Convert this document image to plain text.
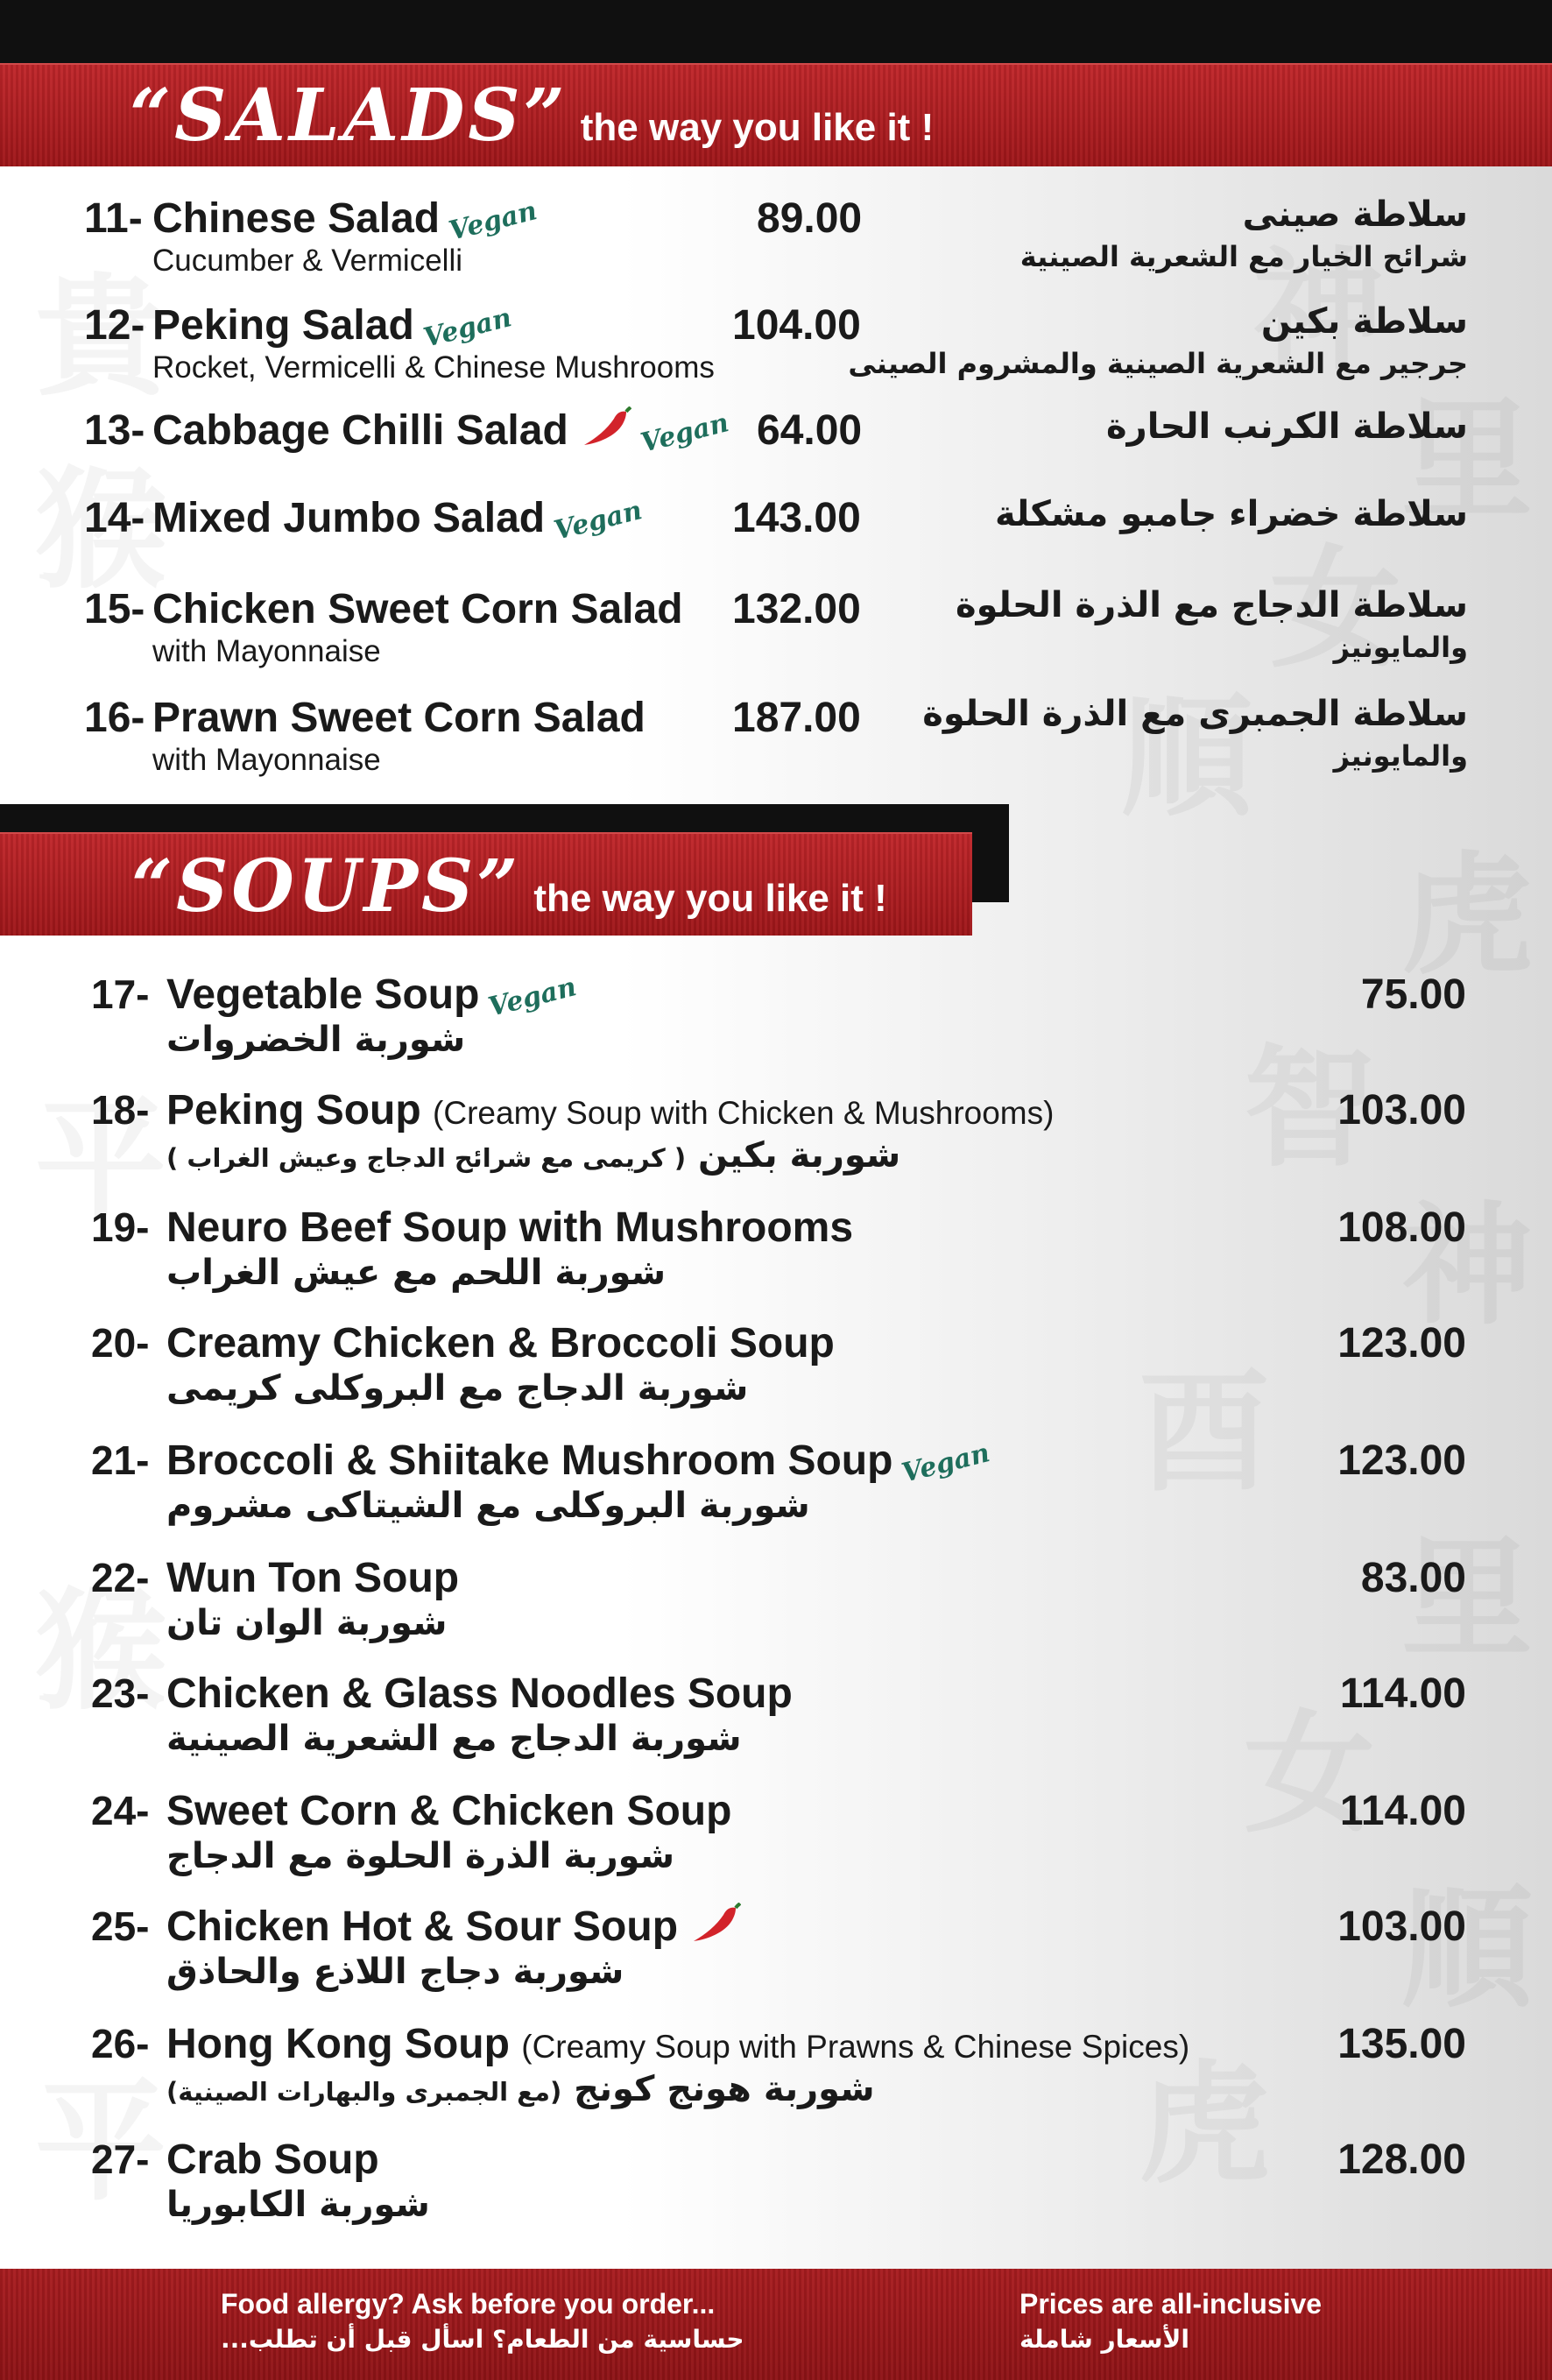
“SALADS” the way you like it !
11- Chinese Salad Vegan
Cucumber & Vermicelli
89.00	سلاطة صينى
شرائح الخيار مع الشعرية الصينية
12- Peking Salad Vegan
Rocket, Vermicelli & Chinese Mushrooms
104.00	سلاطة بكين
جرجير مع الشعرية الصينية والمشروم الصينى
13- Cabbage Chilli Salad	Vegan 64.00	سلاطة الكرنب الحارة
14- Mixed Jumbo Salad Vegan 143.00	سلاطة خضراء جامبو مشكلة
15- Chicken Sweet Corn Salad
with Mayonnaise
132.00	سلاطة الدجاج مع الذرة الحلوة
والمايونيز
16- Prawn Sweet Corn Salad
with Mayonnaise
187.00 سلاطة الجمبرى مع الذرة الحلوة
والمايونيز
“SOUPS” the way you like it !
17- Vegetable Soup Vegan	75.00
شوربة الخضروات
18- Peking Soup (Creamy Soup with Chicken & Mushrooms)	103.00
شوربة بكين ( كريمى مع شرائح الدجاج وعيش الغراب )
19- Neuro Beef Soup with Mushrooms	108.00
شوربة اللحم مع عيش الغراب
20- Creamy Chicken & Broccoli Soup	123.00
شوربة الدجاج مع البروكلى كريمى
21- Broccoli & Shiitake Mushroom Soup Vegan	123.00
شوربة البروكلى مع الشيتاكى مشروم
22- Wun Ton Soup	83.00
شوربة الوان تان
23- Chicken & Glass Noodles Soup	114.00
شوربة الدجاج مع الشعرية الصينية
24- Sweet Corn & Chicken Soup	114.00
شوربة الذرة الحلوة مع الدجاج
25- Chicken Hot & Sour Soup	103.00
شوربة دجاج اللاذع والحاذق
26- Hong Kong Soup (Creamy Soup with Prawns & Chinese Spices)	135.00
شوربة هونج كونج (مع الجمبرى والبهارات الصينية)
27- Crab Soup	128.00
شوربة الكابوريا
Food allergy? Ask before you order...
حساسية من الطعام؟ اسأل قبل أن تطلب...
Prices are all-inclusive
الأسعار شاملة
